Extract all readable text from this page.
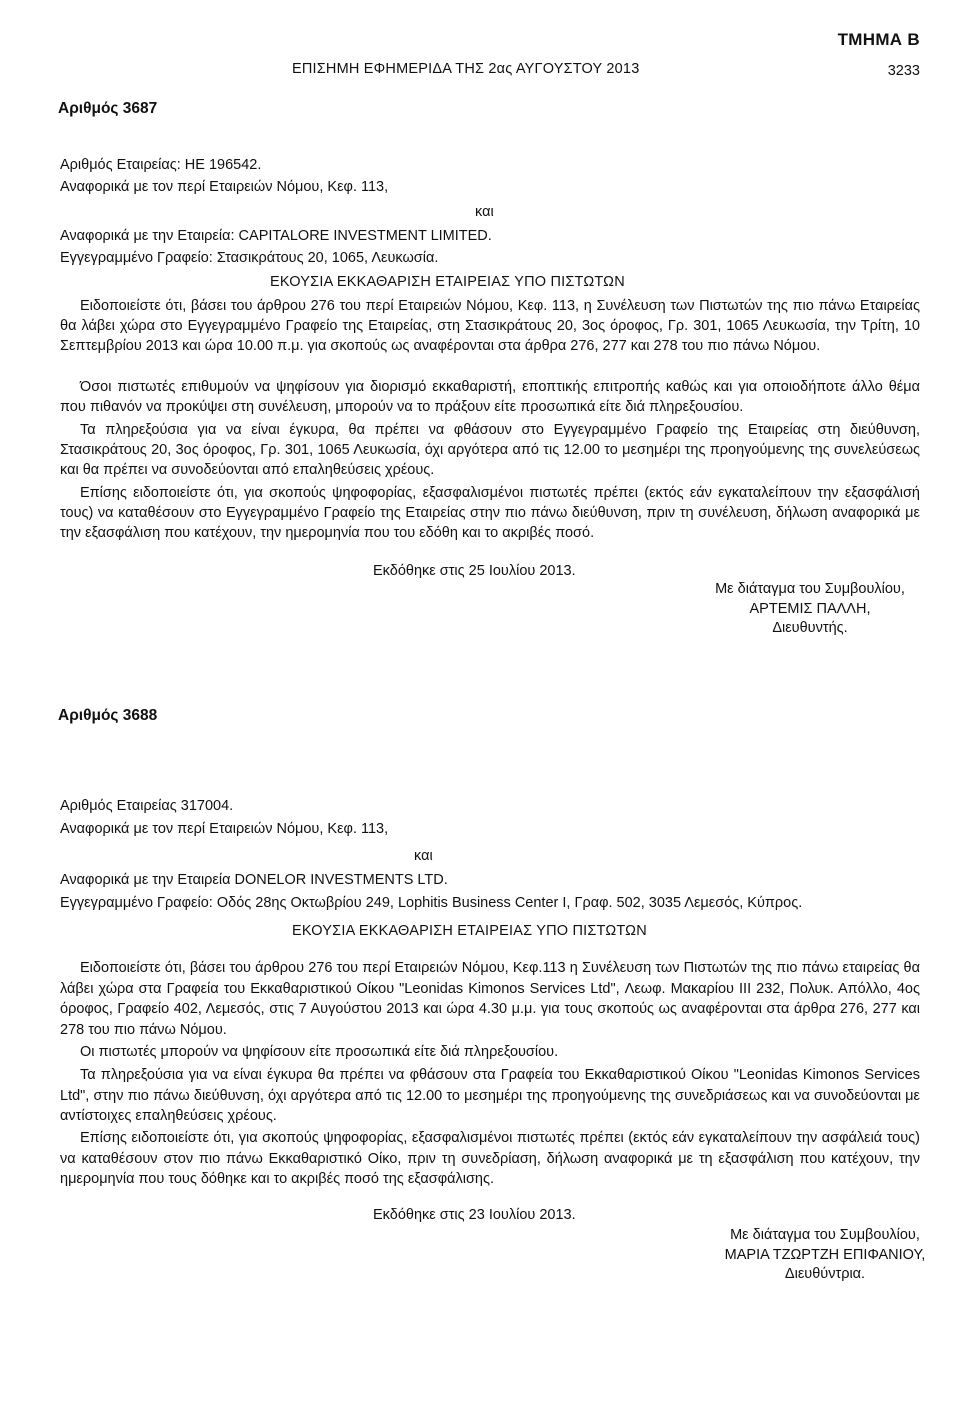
ΤΜΗΜΑ Β
ΕΠΙΣΗΜΗ ΕΦΗΜΕΡΙΔΑ ΤΗΣ 2ας ΑΥΓΟΥΣΤΟΥ 2013	3233
Αριθμός 3687
Αριθμός Εταιρείας: ΗΕ 196542.
Αναφορικά με τον περί Εταιρειών Νόμου, Κεφ. 113,
και
Αναφορικά με την Εταιρεία: CAPITALORE INVESTMENT LIMITED.
Εγγεγραμμένο Γραφείο: Στασικράτους 20, 1065, Λευκωσία.
ΕΚΟΥΣΙΑ ΕΚΚΑΘΑΡΙΣΗ ΕΤΑΙΡΕΙΑΣ ΥΠΟ ΠΙΣΤΩΤΩΝ

Ειδοποιείστε ότι, βάσει του άρθρου 276 του περί Εταιρειών Νόμου, Κεφ. 113, η Συνέλευση των Πιστωτών της πιο πάνω Εταιρείας θα λάβει χώρα στο Εγγεγραμμένο Γραφείο της Εταιρείας, στη Στασικράτους 20, 3ος όροφος, Γρ. 301, 1065 Λευκωσία, την Τρίτη, 10 Σεπτεμβρίου 2013 και ώρα 10.00 π.μ. για σκοπούς ως αναφέρονται στα άρθρα 276, 277 και 278 του πιο πάνω Νόμου.

Όσοι πιστωτές επιθυμούν να ψηφίσουν για διορισμό εκκαθαριστή, εποπτικής επιτροπής καθώς και για οποιοδήποτε άλλο θέμα που πιθανόν να προκύψει στη συνέλευση, μπορούν να το πράξουν είτε προσωπικά είτε διά πληρεξουσίου.

Τα πληρεξούσια για να είναι έγκυρα, θα πρέπει να φθάσουν στο Εγγεγραμμένο Γραφείο της Εταιρείας στη διεύθυνση, Στασικράτους 20, 3ος όροφος, Γρ. 301, 1065 Λευκωσία, όχι αργότερα από τις 12.00 το μεσημέρι της προηγούμενης της συνελεύσεως και θα πρέπει να συνοδεύονται από επαληθεύσεις χρέους.

Επίσης ειδοποιείστε ότι, για σκοπούς ψηφοφορίας, εξασφαλισμένοι πιστωτές πρέπει (εκτός εάν εγκαταλείπουν την εξασφάλισή τους) να καταθέσουν στο Εγγεγραμμένο Γραφείο της Εταιρείας στην πιο πάνω διεύθυνση, πριν τη συνέλευση, δήλωση αναφορικά με την εξασφάλιση που κατέχουν, την ημερομηνία που του εδόθη και το ακριβές ποσό.

Εκδόθηκε στις 25 Ιουλίου 2013.
Με διάταγμα του Συμβουλίου,
ΑΡΤΕΜΙΣ ΠΑΛΛΗ,
Διευθυντής.
Αριθμός 3688
Αριθμός Εταιρείας 317004.
Αναφορικά με τον περί Εταιρειών Νόμου, Κεφ. 113,
και
Αναφορικά με την Εταιρεία DONELOR INVESTMENTS LTD.
Εγγεγραμμένο Γραφείο: Οδός 28ης Οκτωβρίου 249, Lophitis Business Center I, Γραφ. 502, 3035 Λεμεσός, Κύπρος.
ΕΚΟΥΣΙΑ ΕΚΚΑΘΑΡΙΣΗ ΕΤΑΙΡΕΙΑΣ ΥΠΟ ΠΙΣΤΩΤΩΝ

Ειδοποιείστε ότι, βάσει του άρθρου 276 του περί Εταιρειών Νόμου, Κεφ.113 η Συνέλευση των Πιστωτών της πιο πάνω εταιρείας θα λάβει χώρα στα Γραφεία του Εκκαθαριστικού Οίκου "Leonidas Kimonos Services Ltd", Λεωφ. Μακαρίου III 232, Πολυκ. Απόλλο, 4ος όροφος, Γραφείο 402, Λεμεσός, στις 7 Αυγούστου 2013 και ώρα 4.30 μ.μ. για τους σκοπούς ως αναφέρονται στα άρθρα 276, 277 και 278 του πιο πάνω Νόμου.

Οι πιστωτές μπορούν να ψηφίσουν είτε προσωπικά είτε διά πληρεξουσίου.

Τα πληρεξούσια για να είναι έγκυρα θα πρέπει να φθάσουν στα Γραφεία του Εκκαθαριστικού Οίκου "Leonidas Kimonos Services Ltd", στην πιο πάνω διεύθυνση, όχι αργότερα από τις 12.00 το μεσημέρι της προηγούμενης της συνεδριάσεως και να συνοδεύονται με αντίστοιχες επαληθεύσεις χρέους.

Επίσης ειδοποιείστε ότι, για σκοπούς ψηφοφορίας, εξασφαλισμένοι πιστωτές πρέπει (εκτός εάν εγκαταλείπουν την ασφάλειά τους) να καταθέσουν στον πιο πάνω Εκκαθαριστικό Οίκο, πριν τη συνεδρίαση, δήλωση αναφορικά με τη εξασφάλιση που κατέχουν, την ημερομηνία που τους δόθηκε και το ακριβές ποσό της εξασφάλισης.

Εκδόθηκε στις 23 Ιουλίου 2013.
Με διάταγμα του Συμβουλίου,
ΜΑΡΙΑ ΤΖΩΡΤΖΗ ΕΠΙΦΑΝΙΟΥ,
Διευθύντρια.
